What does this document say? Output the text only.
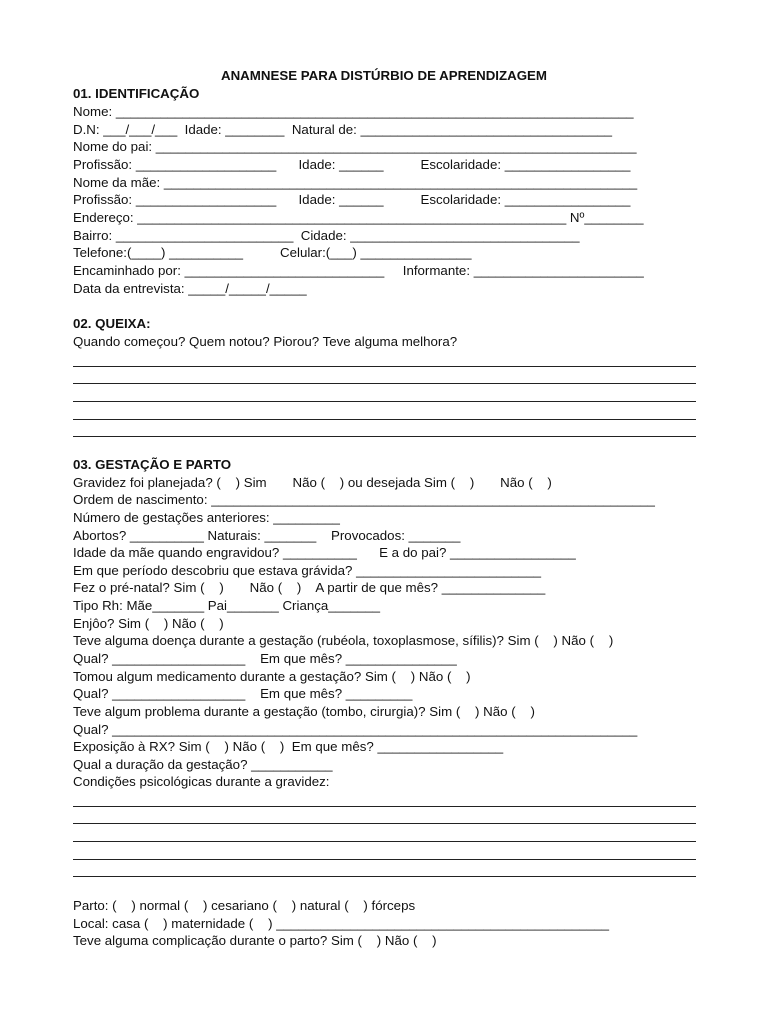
ANAMNESE PARA DISTÚRBIO DE APRENDIZAGEM
01. IDENTIFICAÇÃO
Nome: ______________________________________________________________________
D.N: ___/___/___  Idade: ________  Natural de: __________________________________
Nome do pai: _________________________________________________________________
Profissão: ___________________      Idade: ______          Escolaridade: _________________
Nome da mãe: ________________________________________________________________
Profissão: ___________________      Idade: ______          Escolaridade: _________________
Endereço: __________________________________________________________ Nº________
Bairro: ________________________  Cidade: _______________________________
Telefone:(____) __________          Celular:(___) _______________
Encaminhado por: ___________________________     Informante: _______________________
Data da entrevista: _____/_____/_____
02. QUEIXA:
Quando começou? Quem notou? Piorou? Teve alguma melhora?
03. GESTAÇÃO E PARTO
Gravidez foi planejada? (    ) Sim       Não (    ) ou desejada Sim (    )       Não (    )
Ordem de nascimento: ____________________________________________________________
Número de gestações anteriores: _________
Abortos? __________ Naturais: _______    Provocados: _______
Idade da mãe quando engravidou? __________      E a do pai? _________________
Em que período descobriu que estava grávida? _________________________
Fez o pré-natal? Sim (    )       Não (    )    A partir de que mês? ______________
Tipo Rh: Mãe_______ Pai_______ Criança_______
Enjôo? Sim (    ) Não (    )
Teve alguma doença durante a gestação (rubéola, toxoplasmose, sífilis)? Sim (    ) Não (    )
Qual? __________________    Em que mês? _______________
Tomou algum medicamento durante a gestação? Sim (    ) Não (    )
Qual? __________________    Em que mês? _________
Teve algum problema durante a gestação (tombo, cirurgia)? Sim (    ) Não (    )
Qual? _______________________________________________________________________
Exposição à RX? Sim (    ) Não (    )  Em que mês? _________________
Qual a duração da gestação? ___________
Condições psicológicas durante a gravidez:
Parto: (    ) normal (    ) cesariano (    ) natural (    ) fórceps
Local: casa (    ) maternidade (    ) _____________________________________________
Teve alguma complicação durante o parto? Sim (    ) Não (    )
